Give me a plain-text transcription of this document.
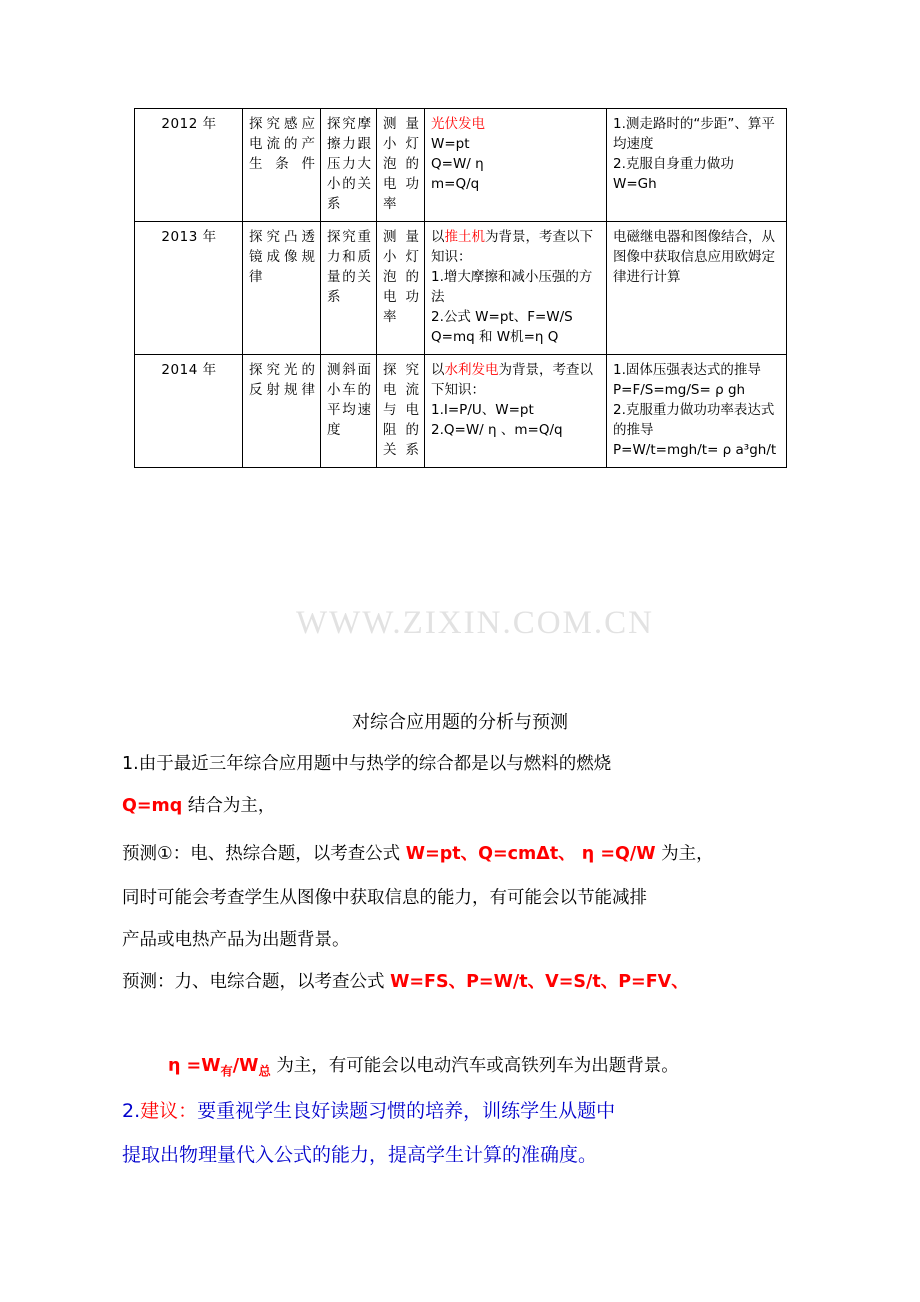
WWW.ZIXIN.COM.CN
2012 年	探究感应电流的产生条件	探究摩擦力跟压力大小的关系	测量小灯泡的电功率	光伏发电
W=pt
Q=W/ η
m=Q/q	1.测走路时的“步距”、算平均速度
2.克服自身重力做功 W=Gh

2013 年	探究凸透镜成像规律	探究重力和质量的关系	测量小灯泡的电功率	以推土机为背景，考查以下知识：
1.增大摩擦和减小压强的方法
2.公式 W=pt、F=W/S
Q=mq 和 W机=η Q	电磁继电器和图像结合，从图像中获取信息应用欧姆定律进行计算

2014 年	探究光的反射规律	测斜面小车的平均速度	探究电流与电阻的关系	以水利发电为背景，考查以下知识：
1.I=P/U、W=pt
2.Q=W/ η 、m=Q/q	1.固体压强表达式的推导
P=F/S=mg/S= ρ gh
2.克服重力做功功率表达式的推导
P=W/t=mgh/t= ρ a³gh/t
对综合应用题的分析与预测
1.由于最近三年综合应用题中与热学的综合都是以与燃料的燃烧
Q=mq 结合为主，
预测①：电、热综合题，以考查公式 W=pt、Q=cmΔt、 η =Q/W 为主，
同时可能会考查学生从图像中获取信息的能力，有可能会以节能减排
产品或电热产品为出题背景。
预测：力、电综合题，以考查公式 W=FS、P=W/t、V=S/t、P=FV、
$\eta =W_有/W_总$ 为主，有可能会以电动汽车或高铁列车为出题背景。
2.建议：要重视学生良好读题习惯的培养，训练学生从题中
提取出物理量代入公式的能力，提高学生计算的准确度。
